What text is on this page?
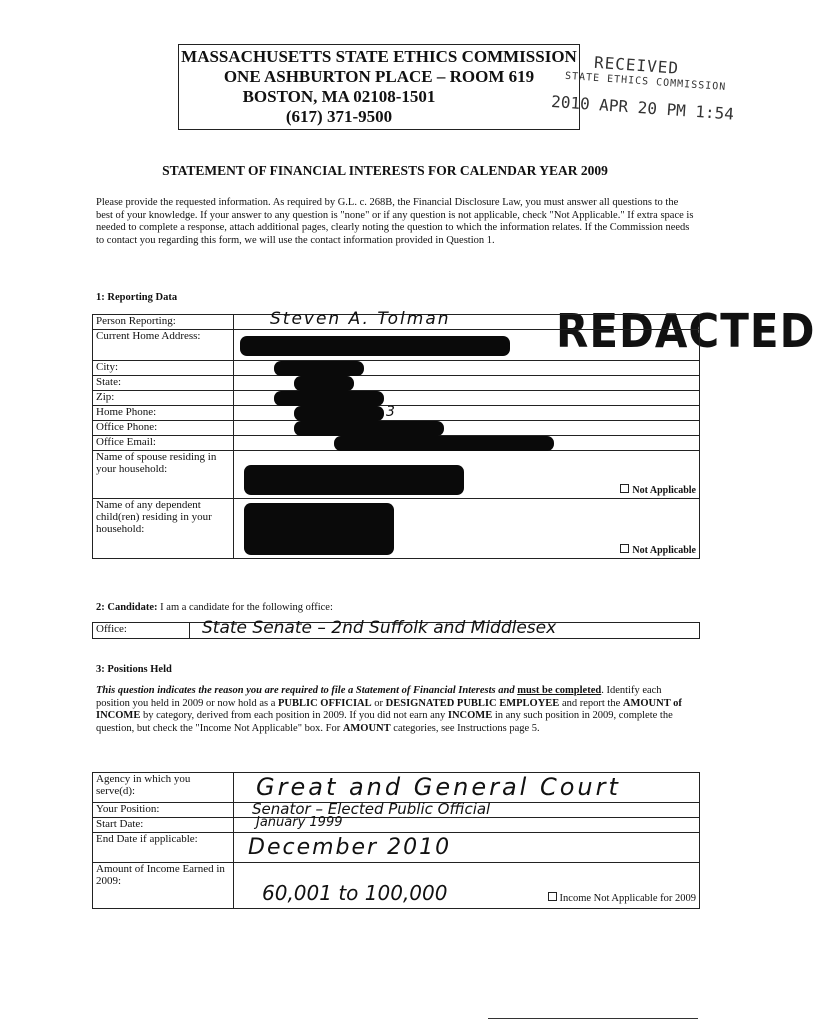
MASSACHUSETTS STATE ETHICS COMMISSION
ONE ASHBURTON PLACE – ROOM 619
BOSTON, MA 02108-1501
(617) 371-9500
RECEIVED
STATE ETHICS COMMISSION
2010 APR 20 PM 1:54
STATEMENT OF FINANCIAL INTERESTS FOR CALENDAR YEAR 2009
Please provide the requested information. As required by G.L. c. 268B, the Financial Disclosure Law, you must answer all questions to the best of your knowledge. If your answer to any question is "none" or if any question is not applicable, check "Not Applicable." If extra space is needed to complete a response, attach additional pages, clearly noting the question to which the information relates. If the Commission needs to contact you regarding this form, we will use the contact information provided in Question 1.
1: Reporting Data
REDACTED
Person Reporting:	Steven A. Tolman

Current Home Address:	

City:	

State:	

Zip:	

Home Phone:	3

Office Phone:	

Office Email:	

Name of spouse residing in your household:	Not Applicable

Name of any dependent child(ren) residing in your household:	Not Applicable
2: Candidate: I am a candidate for the following office:
Office:	State Senate – 2nd Suffolk and Middlesex
3: Positions Held
This question indicates the reason you are required to file a Statement of Financial Interests and must be completed. Identify each position you held in 2009 or now hold as a PUBLIC OFFICIAL or DESIGNATED PUBLIC EMPLOYEE and report the AMOUNT of INCOME by category, derived from each position in 2009. If you did not earn any INCOME in any such position in 2009, complete the question, but check the "Income Not Applicable" box. For AMOUNT categories, see Instructions page 5.
Agency in which you serve(d):	Great and General Court

Your Position:	Senator – Elected Public Official

Start Date:	January 1999

End Date if applicable:	December 2010

Amount of Income Earned in 2009:	60,001 to 100,000 Income Not Applicable for 2009
